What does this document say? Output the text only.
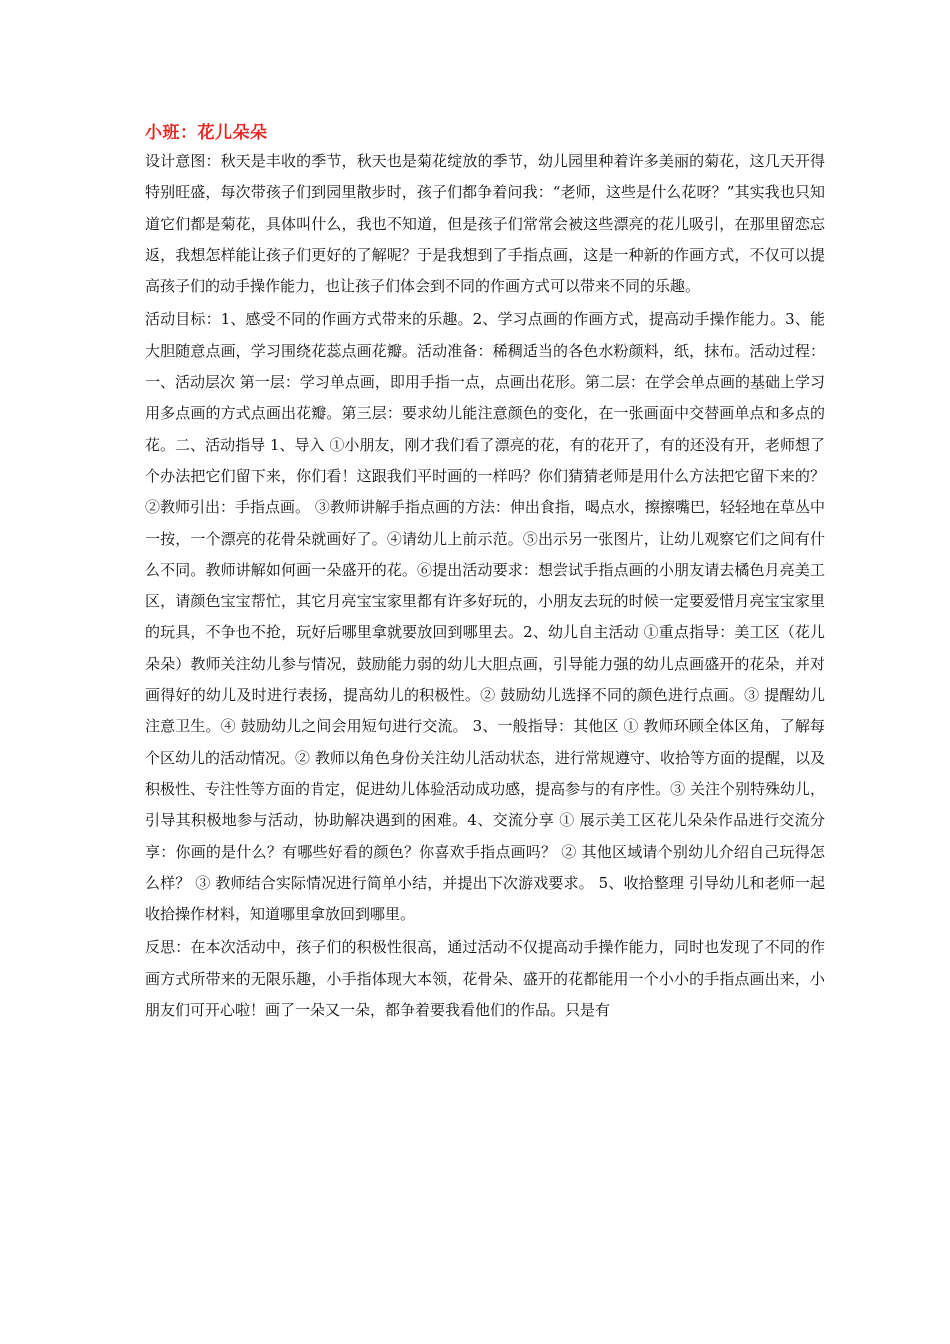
小班：花儿朵朵

设计意图：秋天是丰收的季节，秋天也是菊花绽放的季节，幼儿园里种着许多美丽的菊花，这几天开得特别旺盛，每次带孩子们到园里散步时，孩子们都争着问我：“老师，这些是什么花呀？”其实我也只知道它们都是菊花，具体叫什么，我也不知道，但是孩子们常常会被这些漂亮的花儿吸引，在那里留恋忘返，我想怎样能让孩子们更好的了解呢？于是我想到了手指点画，这是一种新的作画方式，不仅可以提高孩子们的动手操作能力，也让孩子们体会到不同的作画方式可以带来不同的乐趣。

活动目标：1、感受不同的作画方式带来的乐趣。2、学习点画的作画方式，提高动手操作能力。3、能大胆随意点画，学习围绕花蕊点画花瓣。活动准备：稀稠适当的各色水粉颜料，纸，抹布。活动过程：一、活动层次 第一层：学习单点画，即用手指一点，点画出花形。第二层：在学会单点画的基础上学习用多点画的方式点画出花瓣。第三层：要求幼儿能注意颜色的变化，在一张画面中交替画单点和多点的花。二、活动指导 1、导入 ①小朋友，刚才我们看了漂亮的花，有的花开了，有的还没有开，老师想了个办法把它们留下来，你们看！这跟我们平时画的一样吗？你们猜猜老师是用什么方法把它留下来的？ ②教师引出：手指点画。 ③教师讲解手指点画的方法：伸出食指，喝点水，擦擦嘴巴，轻轻地在草丛中一按，一个漂亮的花骨朵就画好了。④请幼儿上前示范。⑤出示另一张图片，让幼儿观察它们之间有什么不同。教师讲解如何画一朵盛开的花。⑥提出活动要求：想尝试手指点画的小朋友请去橘色月亮美工区，请颜色宝宝帮忙，其它月亮宝宝家里都有许多好玩的，小朋友去玩的时候一定要爱惜月亮宝宝家里的玩具，不争也不抢，玩好后哪里拿就要放回到哪里去。2、幼儿自主活动 ①重点指导：美工区（花儿朵朵）教师关注幼儿参与情况，鼓励能力弱的幼儿大胆点画，引导能力强的幼儿点画盛开的花朵，并对画得好的幼儿及时进行表扬，提高幼儿的积极性。② 鼓励幼儿选择不同的颜色进行点画。③ 提醒幼儿注意卫生。④ 鼓励幼儿之间会用短句进行交流。 3、一般指导：其他区 ① 教师环顾全体区角，了解每个区幼儿的活动情况。② 教师以角色身份关注幼儿活动状态，进行常规遵守、收拾等方面的提醒，以及积极性、专注性等方面的肯定，促进幼儿体验活动成功感，提高参与的有序性。③ 关注个别特殊幼儿，引导其积极地参与活动，协助解决遇到的困难。4、交流分享 ① 展示美工区花儿朵朵作品进行交流分享：你画的是什么？有哪些好看的颜色？你喜欢手指点画吗？ ② 其他区域请个别幼儿介绍自己玩得怎么样？ ③ 教师结合实际情况进行简单小结，并提出下次游戏要求。 5、收拾整理 引导幼儿和老师一起收拾操作材料，知道哪里拿放回到哪里。

反思：在本次活动中，孩子们的积极性很高，通过活动不仅提高动手操作能力，同时也发现了不同的作画方式所带来的无限乐趣，小手指体现大本领，花骨朵、盛开的花都能用一个小小的手指点画出来，小朋友们可开心啦！画了一朵又一朵，都争着要我看他们的作品。只是有
